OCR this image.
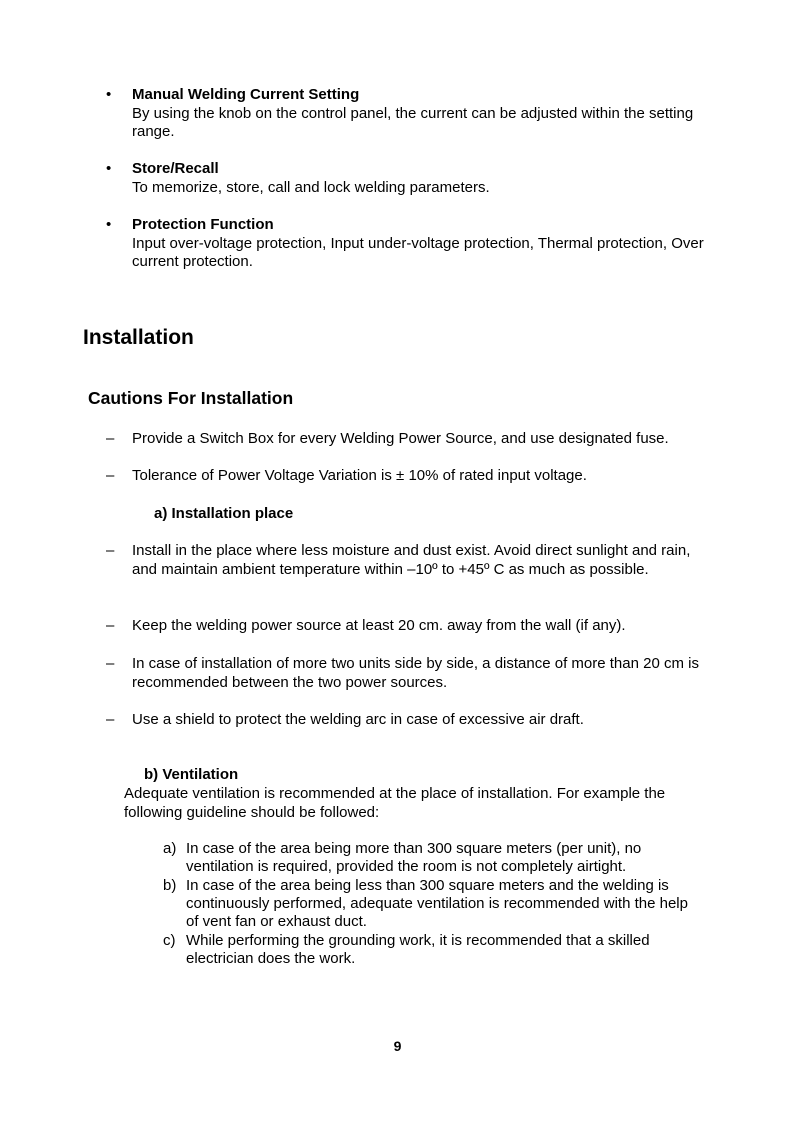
•	Manual Welding Current Setting
By using the knob on the control panel, the current can be adjusted within the setting range.
•	Store/Recall
To memorize, store, call and lock welding parameters.
•	Protection Function
Input over-voltage protection, Input under-voltage protection, Thermal protection, Over current protection.
Installation
Cautions For Installation
–	Provide a Switch Box for every Welding Power Source, and use designated fuse.
–	Tolerance of Power Voltage Variation is ± 10% of rated input voltage.
a) Installation place
–	Install in the place where less moisture and dust exist. Avoid direct sunlight and rain, and maintain ambient temperature within –10º to +45º C as much as possible.
–	Keep the welding power source at least 20 cm. away from the wall (if any).
–	In case of installation of more two units side by side, a distance of more than 20 cm is recommended between the two power sources.
–	Use a shield to protect the welding arc in case of excessive air draft.
b) Ventilation
Adequate ventilation is recommended at the place of installation. For example the following guideline should be followed:
a) In case of the area being more than 300 square meters (per unit), no ventilation is required, provided the room is not completely airtight.
b) In case of the area being less than 300 square meters and the welding is continuously performed, adequate ventilation is recommended with the help of vent fan or exhaust duct.
c) While performing the grounding work, it is recommended that a skilled electrician does the work.
9
